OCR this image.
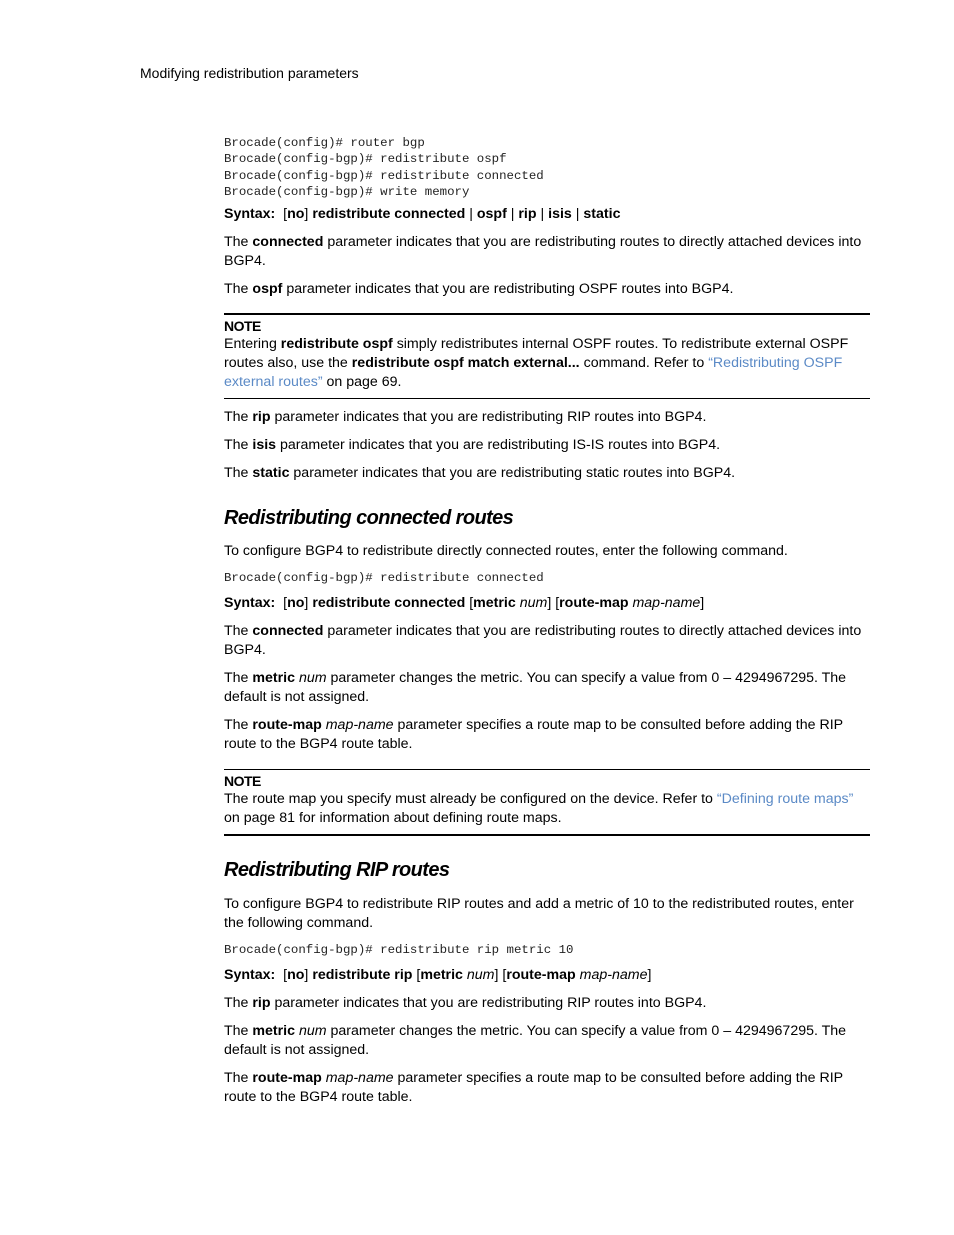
Modifying redistribution parameters
Brocade(config)# router bgp
Brocade(config-bgp)# redistribute ospf
Brocade(config-bgp)# redistribute connected
Brocade(config-bgp)# write memory

Syntax:  [no] redistribute connected | ospf | rip | isis | static

The connected parameter indicates that you are redistributing routes to directly attached devices into BGP4.

The ospf parameter indicates that you are redistributing OSPF routes into BGP4.

NOTE

Entering redistribute ospf simply redistributes internal OSPF routes. To redistribute external OSPF routes also, use the redistribute ospf match external... command. Refer to “Redistributing OSPF external routes” on page 69.

The rip parameter indicates that you are redistributing RIP routes into BGP4.

The isis parameter indicates that you are redistributing IS-IS routes into BGP4.

The static parameter indicates that you are redistributing static routes into BGP4.

Redistributing connected routes

To configure BGP4 to redistribute directly connected routes, enter the following command.

Brocade(config-bgp)# redistribute connected

Syntax:  [no] redistribute connected [metric num] [route-map map-name]

The connected parameter indicates that you are redistributing routes to directly attached devices into BGP4.

The metric num parameter changes the metric. You can specify a value from 0 – 4294967295. The default is not assigned.

The route-map map-name parameter specifies a route map to be consulted before adding the RIP route to the BGP4 route table.

NOTE

The route map you specify must already be configured on the device. Refer to “Defining route maps” on page 81 for information about defining route maps.

Redistributing RIP routes

To configure BGP4 to redistribute RIP routes and add a metric of 10 to the redistributed routes, enter the following command.

Brocade(config-bgp)# redistribute rip metric 10

Syntax:  [no] redistribute rip [metric num] [route-map map-name]

The rip parameter indicates that you are redistributing RIP routes into BGP4.

The metric num parameter changes the metric. You can specify a value from 0 – 4294967295. The default is not assigned.

The route-map map-name parameter specifies a route map to be consulted before adding the RIP route to the BGP4 route table.
